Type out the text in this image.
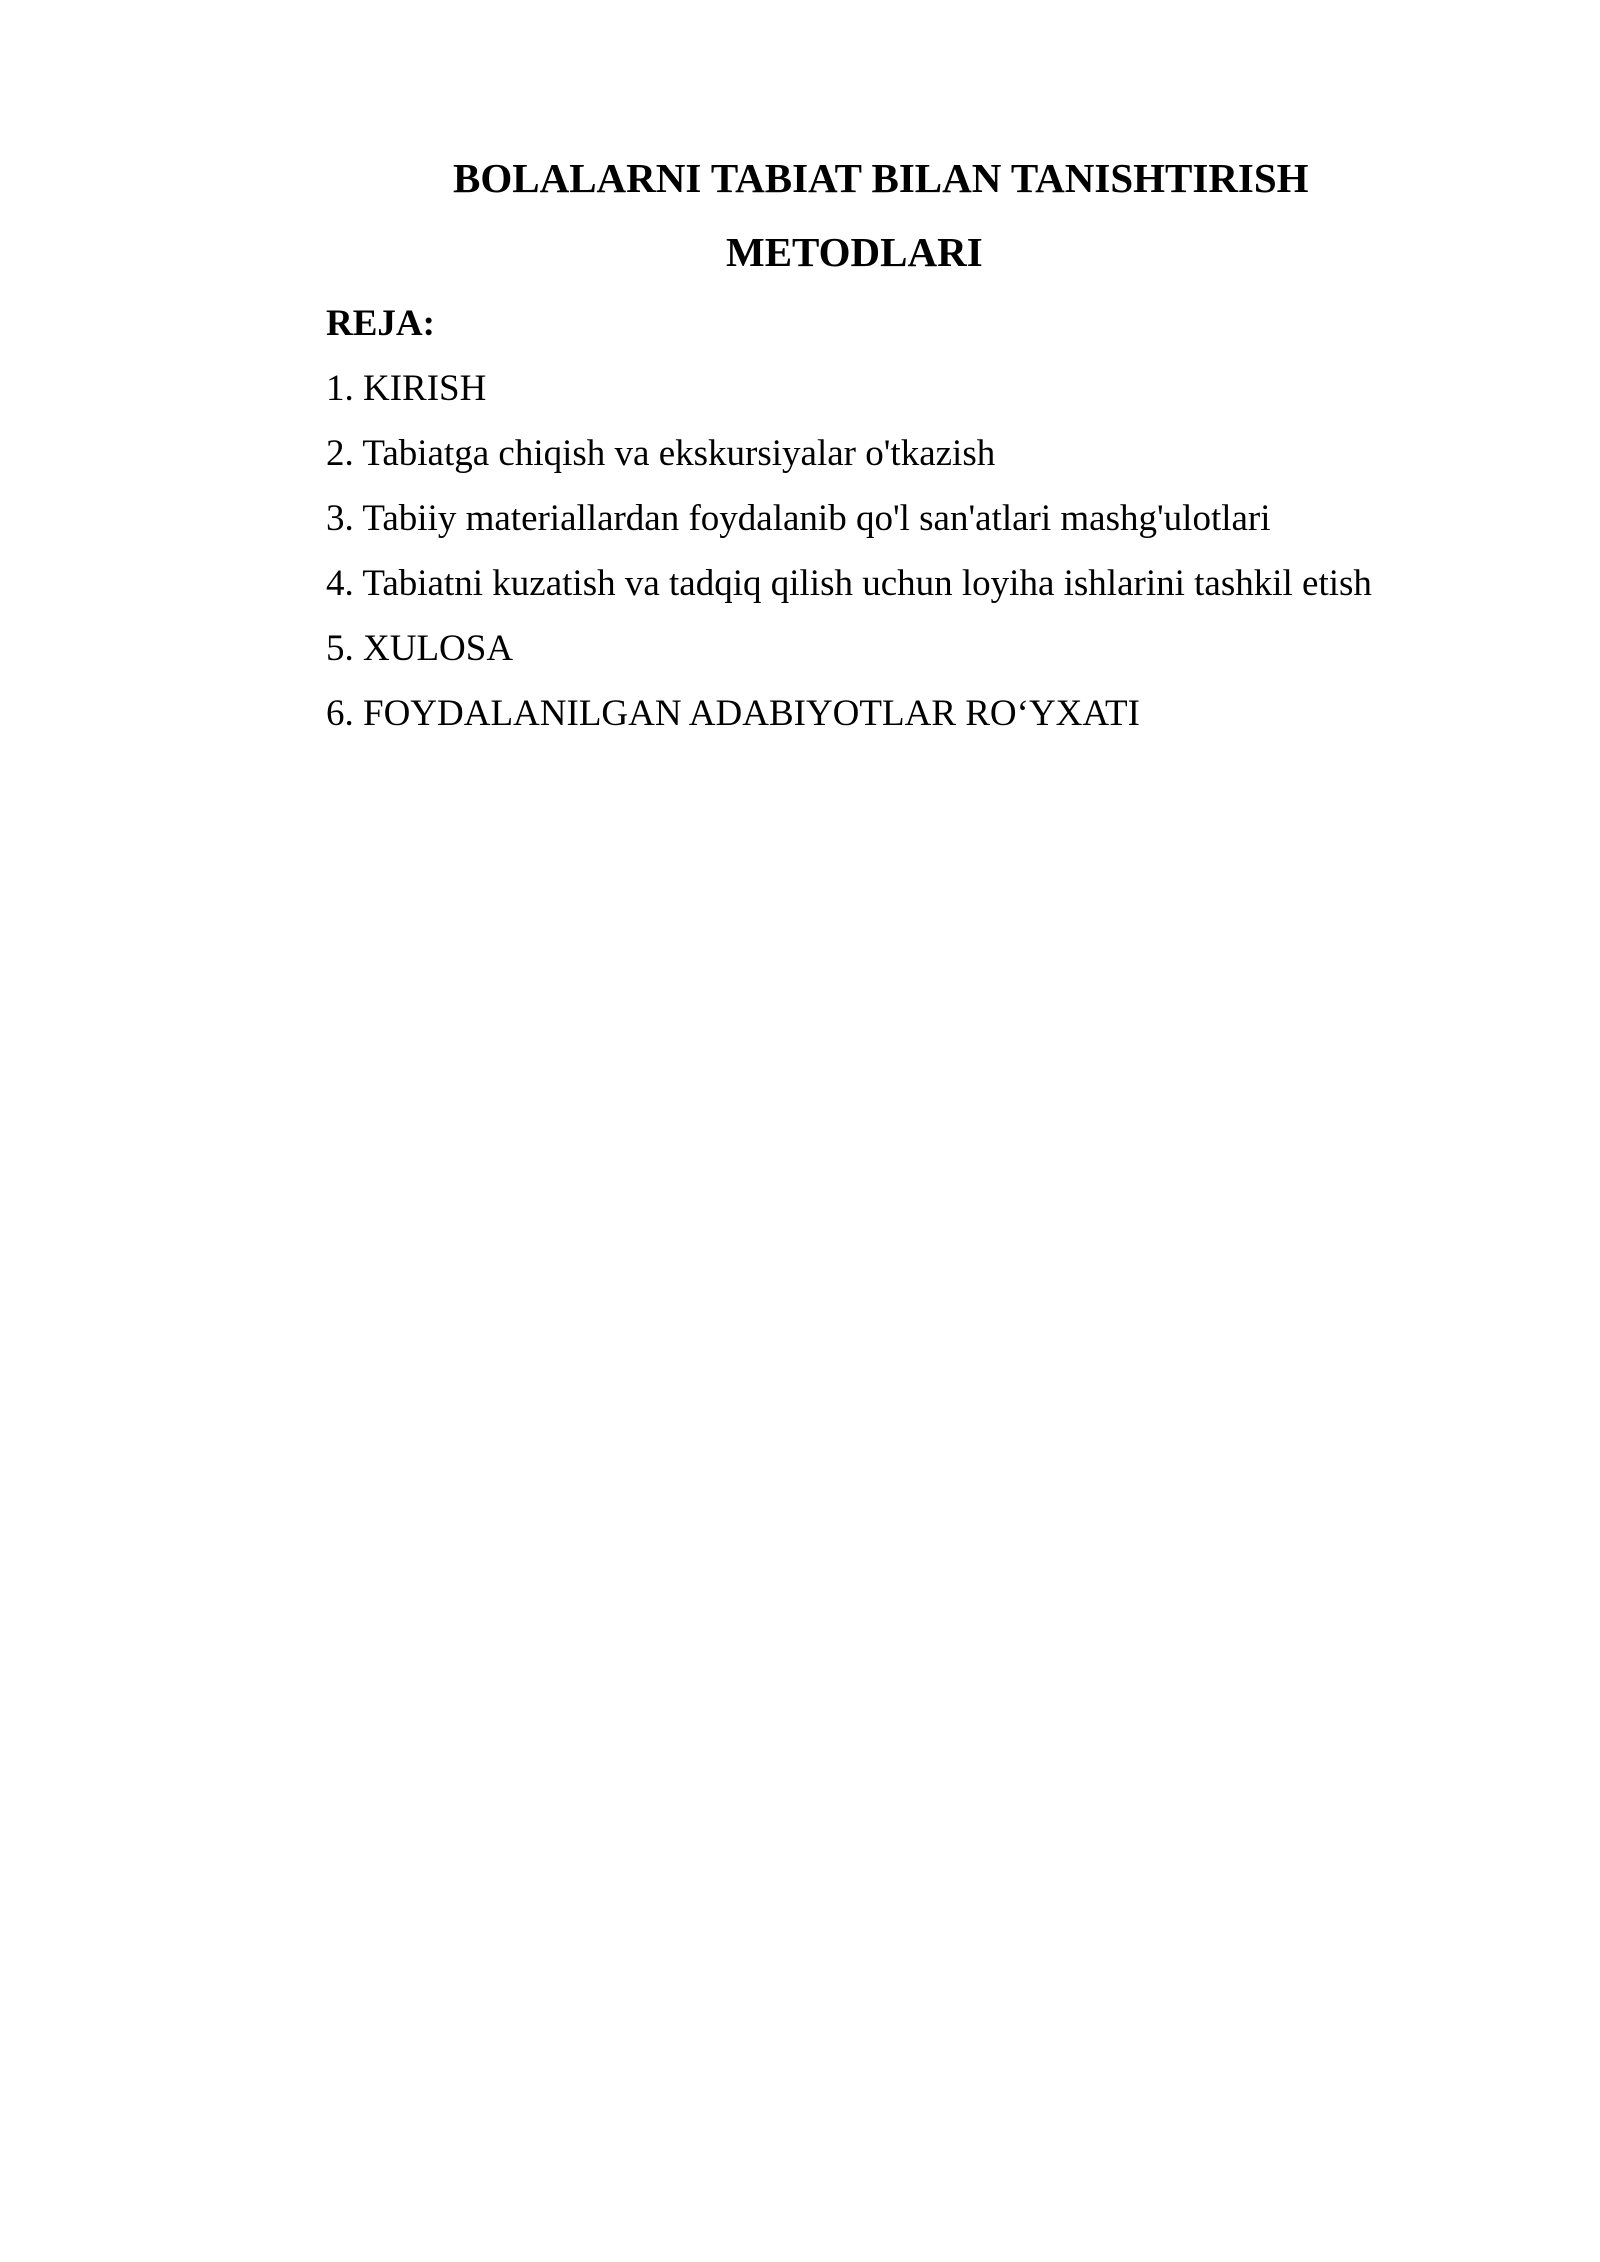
BOLALARNI TABIAT BILAN TANISHTIRISH
METODLARI
REJA:
1. KIRISH
2. Tabiatga chiqish va ekskursiyalar o'tkazish
3. Tabiiy materiallardan foydalanib qo'l san'atlari mashg'ulotlari
4. Tabiatni kuzatish va tadqiq qilish uchun loyiha ishlarini tashkil etish
5. XULOSA
6. FOYDALANILGAN ADABIYOTLAR RO‘YXATI
